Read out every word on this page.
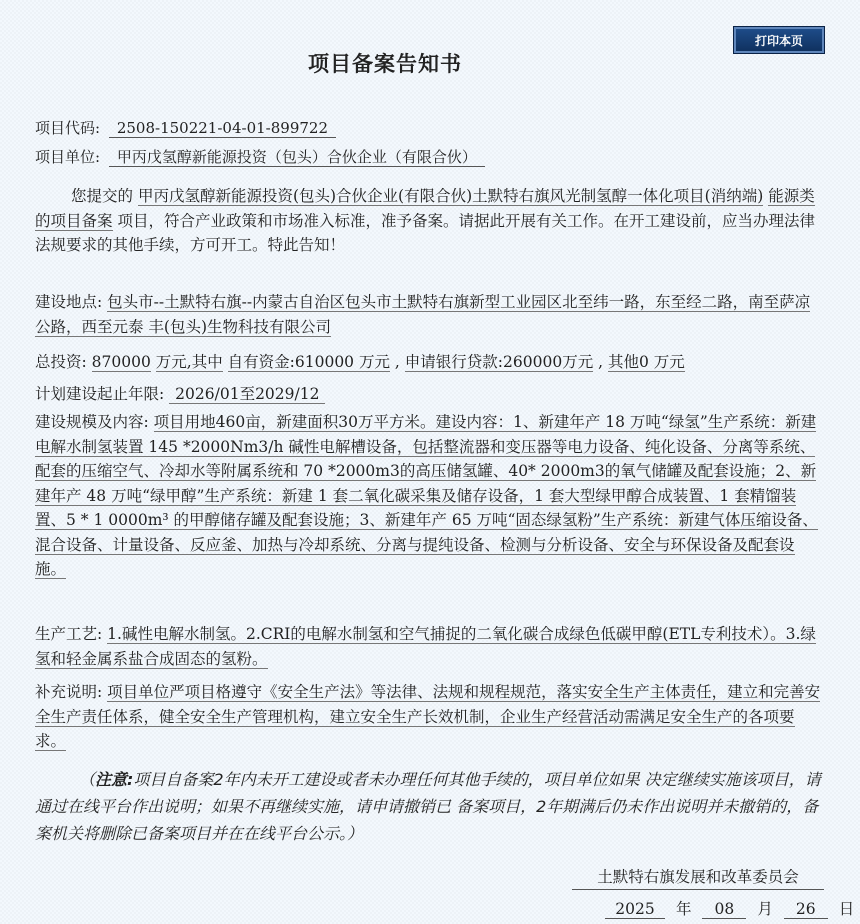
打印本页
项目备案告知书
项目代码: 2508-150221-04-01-899722
项目单位: 甲丙戊氢醇新能源投资（包头）合伙企业（有限合伙）
您提交的 甲丙戊氢醇新能源投资(包头)合伙企业(有限合伙)土默特右旗风光制氢醇一体化项目(消纳端) 能源类的项目备案 项目，符合产业政策和市场准入标准，准予备案。请据此开展有关工作。在开工建设前，应当办理法律法规要求的其他手续，方可开工。特此告知！
建设地点: 包头市--土默特右旗--内蒙古自治区包头市土默特右旗新型工业园区北至纬一路，东至经二路，南至萨凉公路，西至元泰 丰(包头)生物科技有限公司
总投资: 870000 万元,其中 自有资金:610000 万元 , 申请银行贷款:260000万元 , 其他0 万元
计划建设起止年限: 2026/01至2029/12
建设规模及内容: 项目用地460亩，新建面积30万平方米。建设内容：1、新建年产 18 万吨“绿氢”生产系统：新建电解水制氢装置 145 *2000Nm3/h 碱性电解槽设备，包括整流器和变压器等电力设备、纯化设备、分离等系统、配套的压缩空气、冷却水等附属系统和 70 *2000m3的高压储氢罐、40* 2000m3的氧气储罐及配套设施；2、新建年产 48 万吨“绿甲醇”生产系统：新建 1 套二氧化碳采集及储存设备，1 套大型绿甲醇合成装置、1 套精馏装置、5 * 1 0000m³ 的甲醇储存罐及配套设施；3、新建年产 65 万吨“固态绿氢粉”生产系统：新建气体压缩设备、混合设备、计量设备、反应釜、加热与冷却系统、分离与提纯设备、检测与分析设备、安全与环保设备及配套设施。
生产工艺: 1.碱性电解水制氢。2.CRI的电解水制氢和空气捕捉的二氧化碳合成绿色低碳甲醇(ETL专利技术）。3.绿氢和轻金属系盐合成固态的氢粉。
补充说明: 项目单位严项目格遵守《安全生产法》等法律、法规和规程规范，落实安全生产主体责任，建立和完善安全生产责任体系，健全安全生产管理机构，建立安全生产长效机制，企业生产经营活动需满足安全生产的各项要求。
（注意:项目自备案2年内未开工建设或者未办理任何其他手续的，项目单位如果 决定继续实施该项目，请通过在线平台作出说明；如果不再继续实施，请申请撤销已 备案项目，2年期满后仍未作出说明并未撤销的，备案机关将删除已备案项目并在在线平台公示。）
土默特右旗发展和改革委员会
2025 年 08 月 26 日
